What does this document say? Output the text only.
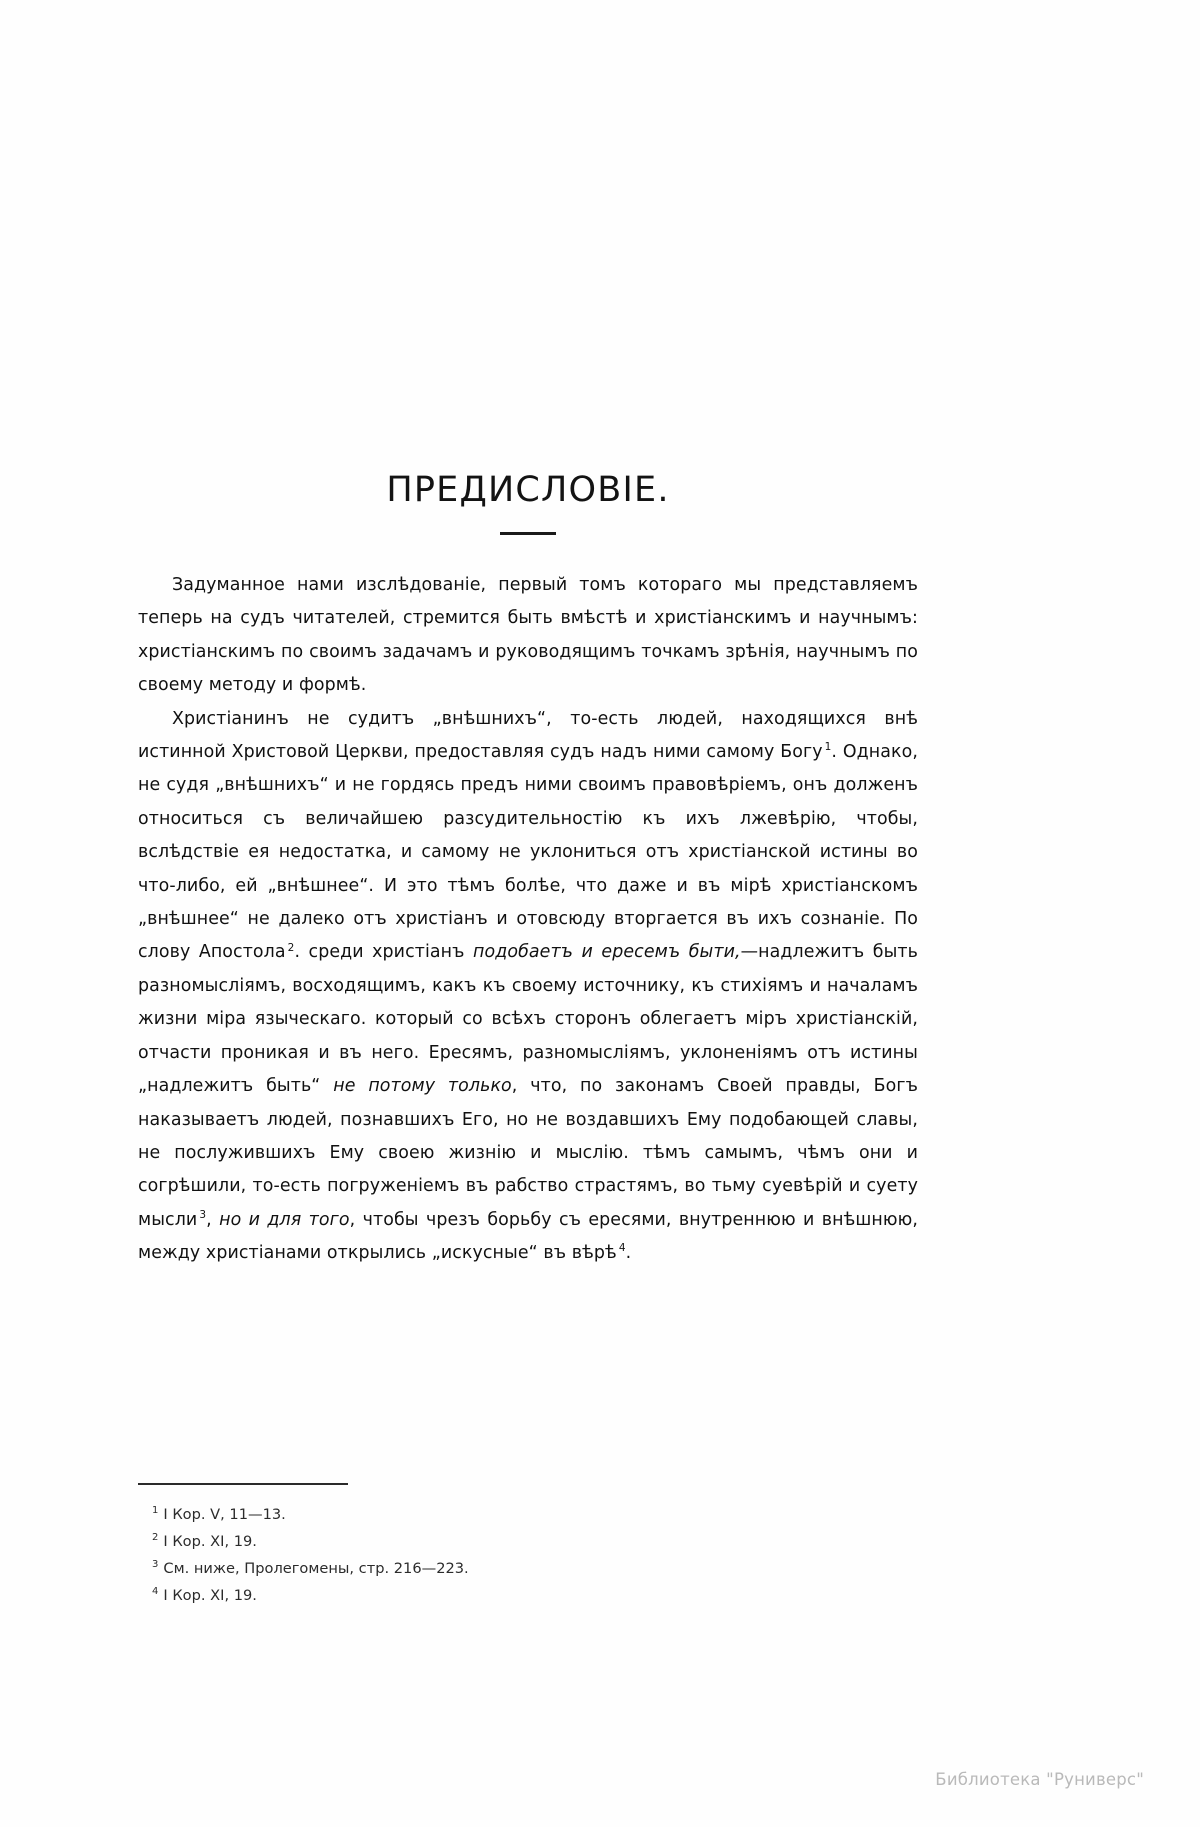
ПРЕДИСЛОВІЕ.

Задуманное нами изслѣдованіе, первый томъ котораго мы представляемъ теперь на судъ читателей, стремится быть вмѣстѣ и христіанскимъ и научнымъ: христіанскимъ по своимъ задачамъ и руководящимъ точкамъ зрѣнія, научнымъ по своему методу и формѣ.

Христіанинъ не судитъ „внѣшнихъ“, то-есть людей, находящихся внѣ истинной Христовой Церкви, предоставляя судъ надъ ними самому Богу $^1$. Однако, не судя „внѣшнихъ“ и не гордясь предъ ними своимъ правовѣріемъ, онъ долженъ относиться съ величайшею разсудительностію къ ихъ лжевѣрію, чтобы, вслѣдствіе ея недостатка, и самому не уклониться отъ христіанской истины во что-либо, ей „внѣшнее“. И это тѣмъ болѣе, что даже и въ мірѣ христіанскомъ „внѣшнее“ не далеко отъ христіанъ и отовсюду вторгается въ ихъ сознаніе. По слову Апостола $^2$. среди христіанъ подобаетъ и ересемъ быти,—надлежитъ быть разномысліямъ, восходящимъ, какъ къ своему источнику, къ стихіямъ и началамъ жизни міра языческаго. который со всѣхъ сторонъ облегаетъ міръ христіанскій, отчасти проникая и въ него. Ересямъ, разномысліямъ, уклоненіямъ отъ истины „надлежитъ быть“ не потому только, что, по законамъ Своей правды, Богъ наказываетъ людей, познавшихъ Его, но не воздавшихъ Ему подобающей славы, не послужившихъ Ему своею жизнію и мыслію. тѣмъ самымъ, чѣмъ они и согрѣшили, то-есть погруженіемъ въ рабство страстямъ, во тьму суевѣрій и суету мысли $^3$, но и для того, чтобы чрезъ борьбу съ ересями, внутреннюю и внѣшнюю, между христіанами открылись „искусные“ въ вѣрѣ $^4$.

$^1$ I Кор. V, 11—13.
$^2$ I Кор. XI, 19.
$^3$ См. ниже, Пролегомены, стр. 216—223.
$^4$ I Кор. XI, 19.
Библиотека "Руниверс"
